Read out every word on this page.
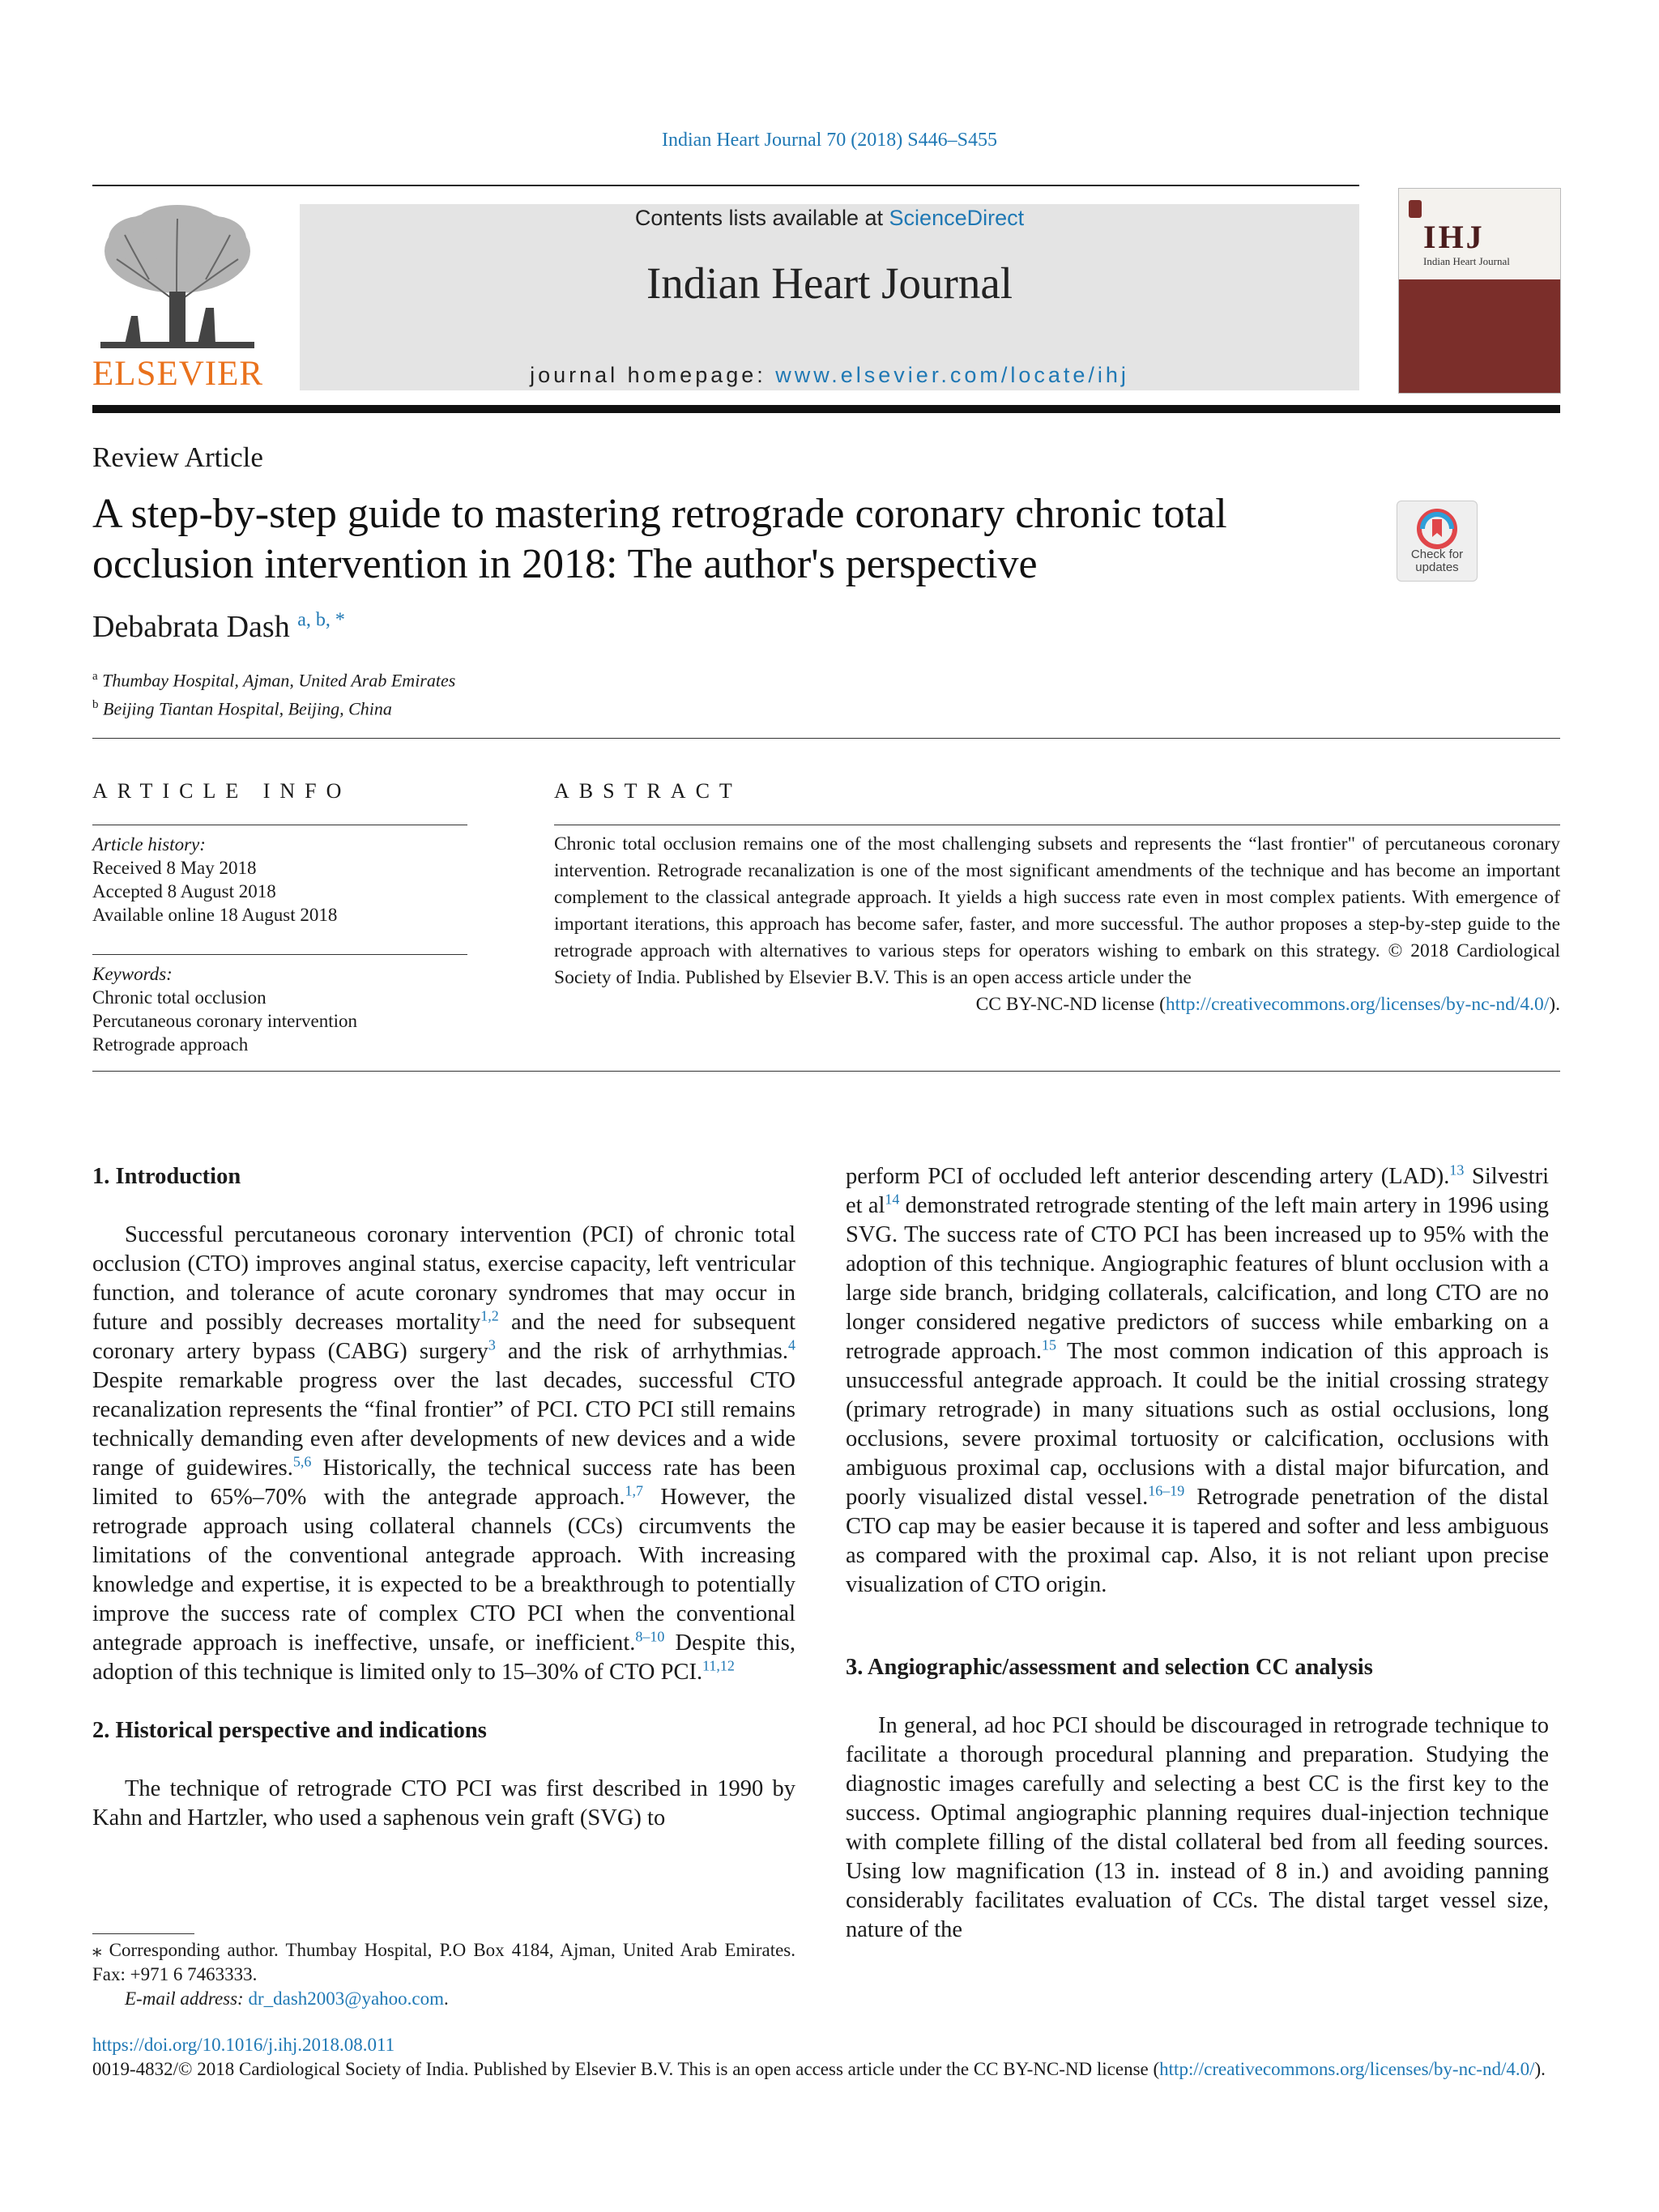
Indian Heart Journal 70 (2018) S446–S455
ELSEVIER
Contents lists available at ScienceDirect
Indian Heart Journal
journal homepage: www.elsevier.com/locate/ihj
IHJ
Indian Heart Journal
Review Article
A step-by-step guide to mastering retrograde coronary chronic total occlusion intervention in 2018: The author's perspective	Check for updates
Debabrata Dash $^{a, b, *}$
$^a$ Thumbay Hospital, Ajman, United Arab Emirates
$^b$ Beijing Tiantan Hospital, Beijing, China
ARTICLE INFO
Article history:
Received 8 May 2018
Accepted 8 August 2018
Available online 18 August 2018
Keywords:
Chronic total occlusion
Percutaneous coronary intervention
Retrograde approach
ABSTRACT
Chronic total occlusion remains one of the most challenging subsets and represents the “last frontier" of percutaneous coronary intervention. Retrograde recanalization is one of the most significant amendments of the technique and has become an important complement to the classical antegrade approach. It yields a high success rate even in most complex patients. With emergence of important iterations, this approach has become safer, faster, and more successful. The author proposes a step-by-step guide to the retrograde approach with alternatives to various steps for operators wishing to embark on this strategy. © 2018 Cardiological Society of India. Published by Elsevier B.V. This is an open access article under the
CC BY-NC-ND license (http://creativecommons.org/licenses/by-nc-nd/4.0/).

1. Introduction

Successful percutaneous coronary intervention (PCI) of chronic total occlusion (CTO) improves anginal status, exercise capacity, left ventricular function, and tolerance of acute coronary syndromes that may occur in future and possibly decreases mortality$^{1,2}$ and the need for subsequent coronary artery bypass (CABG) surgery$^3$ and the risk of arrhythmias.$^4$ Despite remarkable progress over the last decades, successful CTO recanalization represents the “final frontier” of PCI. CTO PCI still remains technically demanding even after developments of new devices and a wide range of guidewires.$^{5,6}$ Historically, the technical success rate has been limited to 65%–70% with the antegrade approach.$^{1,7}$ However, the retrograde approach using collateral channels (CCs) circumvents the limitations of the conventional antegrade approach. With increasing knowledge and expertise, it is expected to be a breakthrough to potentially improve the success rate of complex CTO PCI when the conventional antegrade approach is ineffective, unsafe, or inefficient.$^{8-10}$ Despite this, adoption of this technique is limited only to 15–30% of CTO PCI.$^{11,12}$

2. Historical perspective and indications

The technique of retrograde CTO PCI was first described in 1990 by Kahn and Hartzler, who used a saphenous vein graft (SVG) to

perform PCI of occluded left anterior descending artery (LAD).$^{13}$ Silvestri et $al^{14}$ demonstrated retrograde stenting of the left main artery in 1996 using SVG. The success rate of CTO PCI has been increased up to 95% with the adoption of this technique. Angiographic features of blunt occlusion with a large side branch, bridging collaterals, calcification, and long CTO are no longer considered negative predictors of success while embarking on a retrograde approach.$^{15}$ The most common indication of this approach is unsuccessful antegrade approach. It could be the initial crossing strategy (primary retrograde) in many situations such as ostial occlusions, long occlusions, severe proximal tortuosity or calcification, occlusions with ambiguous proximal cap, occlusions with a distal major bifurcation, and poorly visualized distal vessel.$^{16-19}$ Retrograde penetration of the distal CTO cap may be easier because it is tapered and softer and less ambiguous as compared with the proximal cap. Also, it is not reliant upon precise visualization of CTO origin.

3. Angiographic/assessment and selection CC analysis

In general, ad hoc PCI should be discouraged in retrograde technique to facilitate a thorough procedural planning and preparation. Studying the diagnostic images carefully and selecting a best CC is the first key to the success. Optimal angiographic planning requires dual-injection technique with complete filling of the distal collateral bed from all feeding sources. Using low magnification (13 in. instead of 8 in.) and avoiding panning considerably facilitates evaluation of CCs. The distal target vessel size, nature of the

⁎ Corresponding author. Thumbay Hospital, P.O Box 4184, Ajman, United Arab Emirates. Fax: +971 6 7463333.
E-mail address: dr_dash2003@yahoo.com.
https://doi.org/10.1016/j.ihj.2018.08.011
0019-4832/© 2018 Cardiological Society of India. Published by Elsevier B.V. This is an open access article under the CC BY-NC-ND license (http://creativecommons.org/licenses/by-nc-nd/4.0/).
